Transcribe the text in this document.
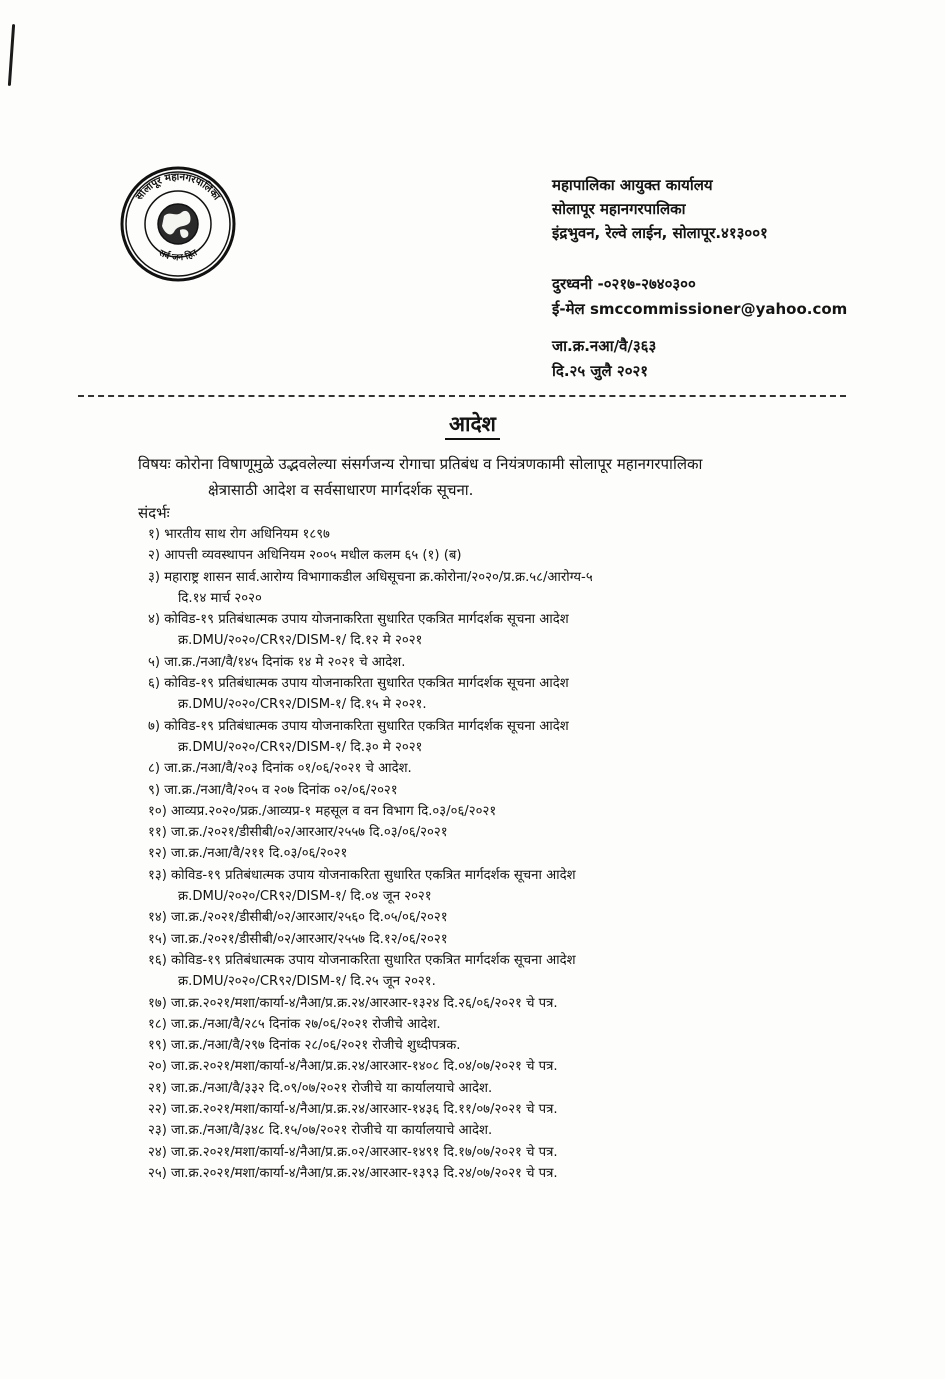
सोलापूर महानगरपालिका
सर्व जन हित
महापालिका आयुक्त कार्यालय
सोलापूर महानगरपालिका
इंद्रभुवन, रेल्वे लाईन, सोलापूर.४१३००१
दुरध्वनी -०२१७-२७४०३००
ई-मेल smccommissioner@yahoo.com
जा.क्र.नआ/वै/३६३
दि.२५ जुलै २०२१
आदेश
विषयः कोरोना विषाणूमुळे उद्भवलेल्या संसर्गजन्य रोगाचा प्रतिबंध व नियंत्रणकामी सोलापूर महानगरपालिका
क्षेत्रासाठी आदेश व सर्वसाधारण मार्गदर्शक सूचना.
संदर्भः
१) भारतीय साथ रोग अधिनियम १८९७
२) आपत्ती व्यवस्थापन अधिनियम २००५ मधील कलम ६५ (१) (ब)
३) महाराष्ट्र शासन सार्व.आरोग्य विभागाकडील अधिसूचना क्र.कोरोना/२०२०/प्र.क्र.५८/आरोग्य-५
दि.१४ मार्च २०२०
४) कोविड-१९ प्रतिबंधात्मक उपाय योजनाकरिता सुधारित एकत्रित मार्गदर्शक सूचना आदेश
क्र.DMU/२०२०/CR९२/DISM-१/ दि.१२ मे २०२१
५) जा.क्र./नआ/वै/१४५ दिनांक १४ मे २०२१ चे आदेश.
६) कोविड-१९ प्रतिबंधात्मक उपाय योजनाकरिता सुधारित एकत्रित मार्गदर्शक सूचना आदेश
क्र.DMU/२०२०/CR९२/DISM-१/ दि.१५ मे २०२१.
७) कोविड-१९ प्रतिबंधात्मक उपाय योजनाकरिता सुधारित एकत्रित मार्गदर्शक सूचना आदेश
क्र.DMU/२०२०/CR९२/DISM-१/ दि.३० मे २०२१
८) जा.क्र./नआ/वै/२०३ दिनांक ०१/०६/२०२१ चे आदेश.
९) जा.क्र./नआ/वै/२०५ व २०७ दिनांक ०२/०६/२०२१
१०) आव्यप्र.२०२०/प्रक्र./आव्यप्र-१ महसूल व वन विभाग दि.०३/०६/२०२१
११) जा.क्र./२०२१/डीसीबी/०२/आरआर/२५५७ दि.०३/०६/२०२१
१२) जा.क्र./नआ/वै/२११ दि.०३/०६/२०२१
१३) कोविड-१९ प्रतिबंधात्मक उपाय योजनाकरिता सुधारित एकत्रित मार्गदर्शक सूचना आदेश
क्र.DMU/२०२०/CR९२/DISM-१/ दि.०४ जून २०२१
१४) जा.क्र./२०२१/डीसीबी/०२/आरआर/२५६० दि.०५/०६/२०२१
१५) जा.क्र./२०२१/डीसीबी/०२/आरआर/२५५७ दि.१२/०६/२०२१
१६) कोविड-१९ प्रतिबंधात्मक उपाय योजनाकरिता सुधारित एकत्रित मार्गदर्शक सूचना आदेश
क्र.DMU/२०२०/CR९२/DISM-१/ दि.२५ जून २०२१.
१७) जा.क्र.२०२१/मशा/कार्या-४/नैआ/प्र.क्र.२४/आरआर-१३२४ दि.२६/०६/२०२१ चे पत्र.
१८) जा.क्र./नआ/वै/२८५ दिनांक २७/०६/२०२१ रोजीचे आदेश.
१९) जा.क्र./नआ/वै/२९७ दिनांक २८/०६/२०२१ रोजीचे शुध्दीपत्रक.
२०) जा.क्र.२०२१/मशा/कार्या-४/नैआ/प्र.क्र.२४/आरआर-१४०८ दि.०४/०७/२०२१ चे पत्र.
२१) जा.क्र./नआ/वै/३३२ दि.०९/०७/२०२१ रोजीचे या कार्यालयाचे आदेश.
२२) जा.क्र.२०२१/मशा/कार्या-४/नैआ/प्र.क्र.२४/आरआर-१४३६ दि.११/०७/२०२१ चे पत्र.
२३) जा.क्र./नआ/वै/३४८ दि.१५/०७/२०२१ रोजीचे या कार्यालयाचे आदेश.
२४) जा.क्र.२०२१/मशा/कार्या-४/नैआ/प्र.क्र.०२/आरआर-१४९१ दि.१७/०७/२०२१ चे पत्र.
२५) जा.क्र.२०२१/मशा/कार्या-४/नैआ/प्र.क्र.२४/आरआर-१३९३ दि.२४/०७/२०२१ चे पत्र.
